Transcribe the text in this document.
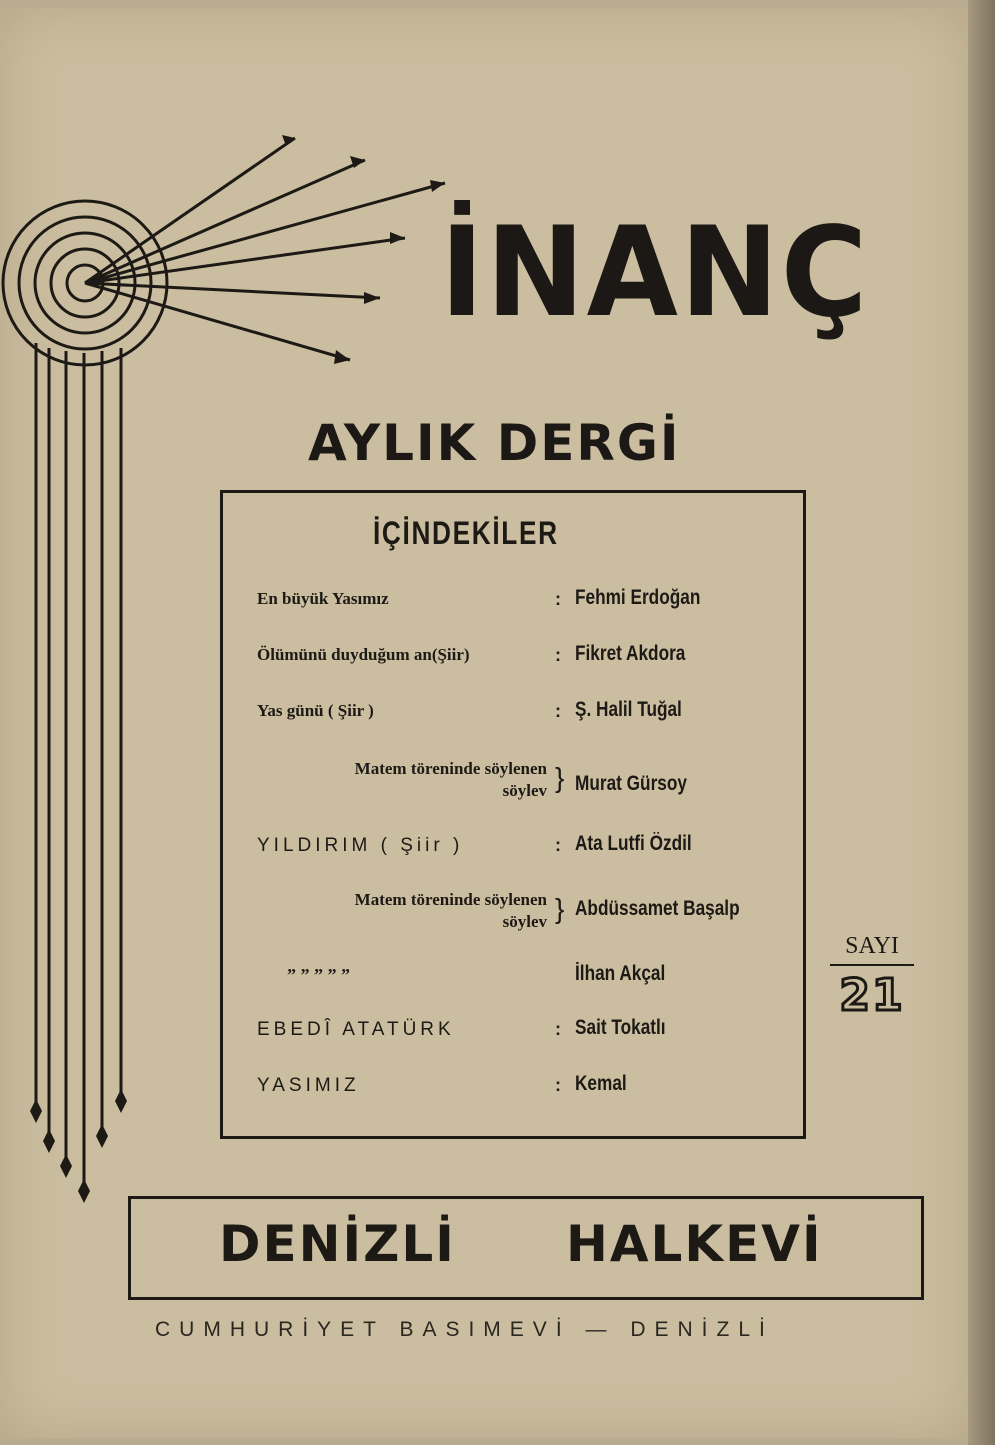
İNANÇ
AYLIK DERGİ
İÇİNDEKİLER
En büyük Yasımız	: Fehmi Erdoğan
Ölümünü duyduğum an(Şiir)	: Fikret Akdora
Yas günü ( Şiir )	: Ş. Halil Tuğal
Matem töreninde söylenen
söylev } Murat Gürsoy
YILDIRIM ( Şiir )	: Ata Lutfi Özdil
Matem töreninde söylenen
söylev } Abdüssamet Başalp
” ” ” ” ”	İlhan Akçal
EBEDÎ ATATÜRK	: Sait Tokatlı
YASIMIZ	: Kemal
SAYI
21
DENİZLİ HALKEVİ
CUMHURİYET BASIMEVİ — DENİZLİ
